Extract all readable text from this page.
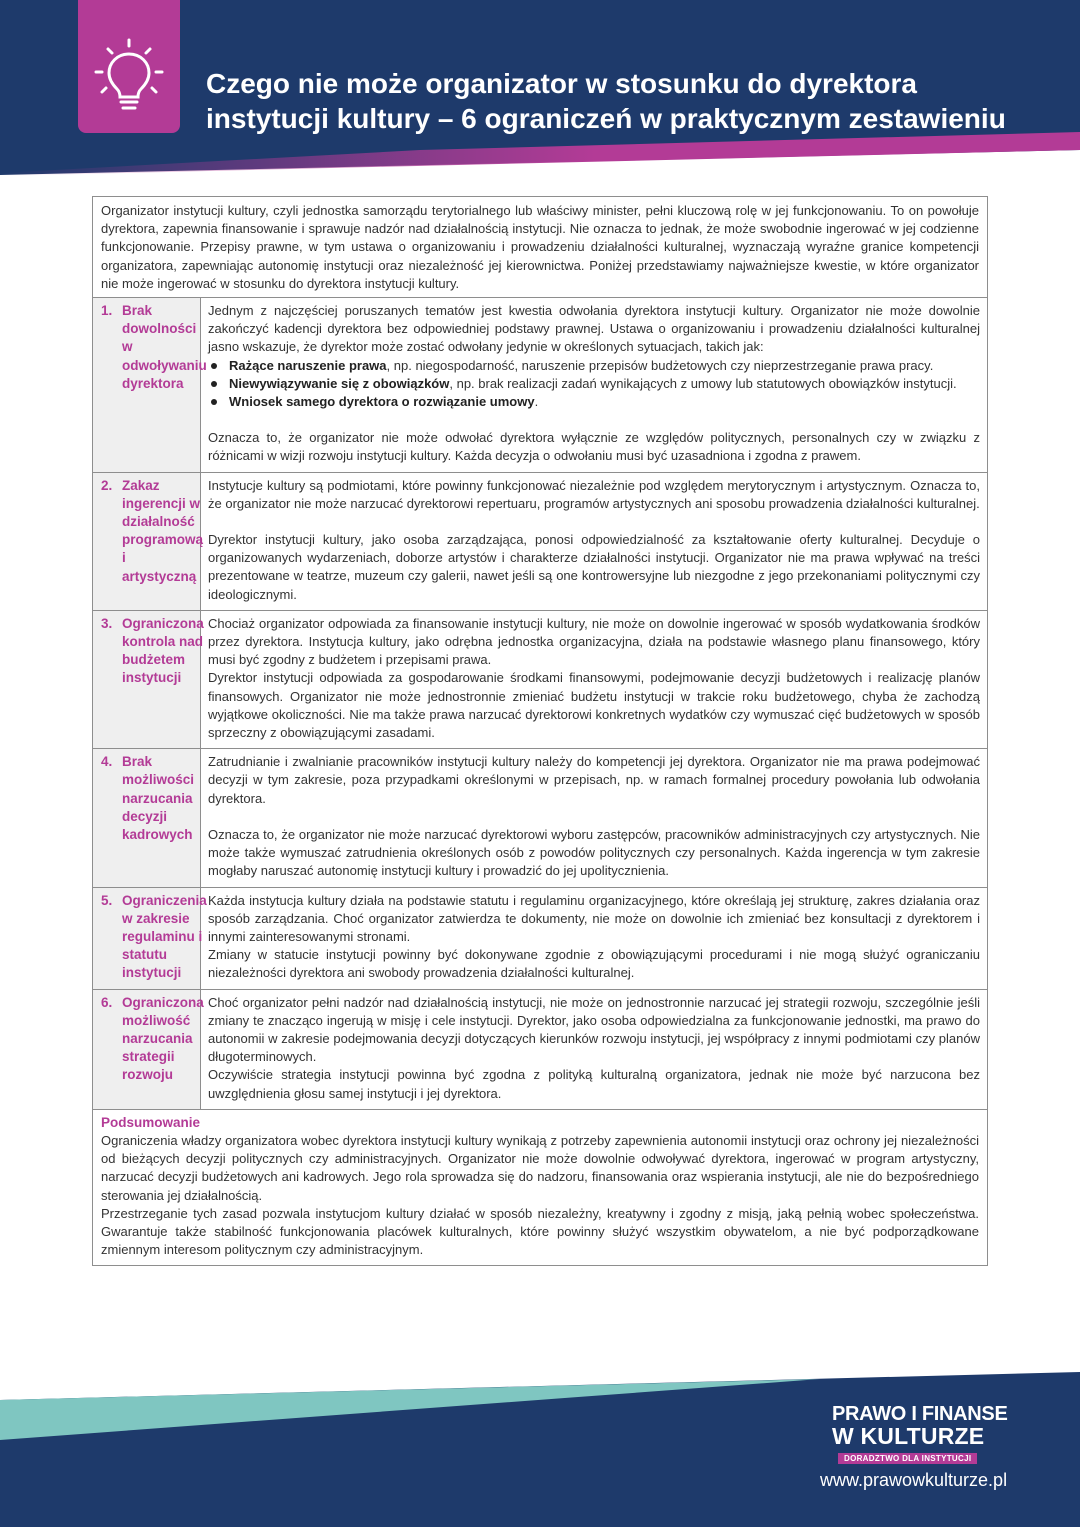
Czego nie może organizator w stosunku do dyrektora
instytucji kultury – 6 ograniczeń w praktycznym zestawieniu
Organizator instytucji kultury, czyli jednostka samorządu terytorialnego lub właściwy minister, pełni kluczową rolę w jej funkcjonowaniu. To on powołuje dyrektora, zapewnia finansowanie i sprawuje nadzór nad działalnością instytucji. Nie oznacza to jednak, że może swobodnie ingerować w jej codzienne funkcjonowanie. Przepisy prawne, w tym ustawa o organizowaniu i prowadzeniu działalności kulturalnej, wyznaczają wyraźne granice kompetencji organizatora, zapewniając autonomię instytucji oraz niezależność jej kierownictwa. Poniżej przedstawiamy najważniejsze kwestie, w które organizator nie może ingerować w stosunku do dyrektora instytucji kultury.
1. Brak dowolności w odwoływaniu dyrektora

Jednym z najczęściej poruszanych tematów jest kwestia odwołania dyrektora instytucji kultury. Organizator nie może dowolnie zakończyć kadencji dyrektora bez odpowiedniej podstawy prawnej. Ustawa o organizowaniu i prowadzeniu działalności kulturalnej jasno wskazuje, że dyrektor może zostać odwołany jedynie w określonych sytuacjach, takich jak:

Rażące naruszenie prawa, np. niegospodarność, naruszenie przepisów budżetowych czy nieprzestrzeganie prawa pracy.
Niewywiązywanie się z obowiązków, np. brak realizacji zadań wynikających z umowy lub statutowych obowiązków instytucji.
Wniosek samego dyrektora o rozwiązanie umowy.

Oznacza to, że organizator nie może odwołać dyrektora wyłącznie ze względów politycznych, personalnych czy w związku z różnicami w wizji rozwoju instytucji kultury. Każda decyzja o odwołaniu musi być uzasadniona i zgodna z prawem.

2. Zakaz ingerencji w działalność programową i artystyczną

Instytucje kultury są podmiotami, które powinny funkcjonować niezależnie pod względem merytorycznym i artystycznym. Oznacza to, że organizator nie może narzucać dyrektorowi repertuaru, programów artystycznych ani sposobu prowadzenia działalności kulturalnej.

Dyrektor instytucji kultury, jako osoba zarządzająca, ponosi odpowiedzialność za kształtowanie oferty kulturalnej. Decyduje o organizowanych wydarzeniach, doborze artystów i charakterze działalności instytucji. Organizator nie ma prawa wpływać na treści prezentowane w teatrze, muzeum czy galerii, nawet jeśli są one kontrowersyjne lub niezgodne z jego przekonaniami politycznymi czy ideologicznymi.

3. Ograniczona kontrola nad budżetem instytucji

Chociaż organizator odpowiada za finansowanie instytucji kultury, nie może on dowolnie ingerować w sposób wydatkowania środków przez dyrektora. Instytucja kultury, jako odrębna jednostka organizacyjna, działa na podstawie własnego planu finansowego, który musi być zgodny z budżetem i przepisami prawa.

Dyrektor instytucji odpowiada za gospodarowanie środkami finansowymi, podejmowanie decyzji budżetowych i realizację planów finansowych. Organizator nie może jednostronnie zmieniać budżetu instytucji w trakcie roku budżetowego, chyba że zachodzą wyjątkowe okoliczności. Nie ma także prawa narzucać dyrektorowi konkretnych wydatków czy wymuszać cięć budżetowych w sposób sprzeczny z obowiązującymi zasadami.

4. Brak możliwości narzucania decyzji kadrowych

Zatrudnianie i zwalnianie pracowników instytucji kultury należy do kompetencji jej dyrektora. Organizator nie ma prawa podejmować decyzji w tym zakresie, poza przypadkami określonymi w przepisach, np. w ramach formalnej procedury powołania lub odwołania dyrektora.

Oznacza to, że organizator nie może narzucać dyrektorowi wyboru zastępców, pracowników administracyjnych czy artystycznych. Nie może także wymuszać zatrudnienia określonych osób z powodów politycznych czy personalnych. Każda ingerencja w tym zakresie mogłaby naruszać autonomię instytucji kultury i prowadzić do jej upolitycznienia.

5. Ograniczenia w zakresie regulaminu i statutu instytucji

Każda instytucja kultury działa na podstawie statutu i regulaminu organizacyjnego, które określają jej strukturę, zakres działania oraz sposób zarządzania. Choć organizator zatwierdza te dokumenty, nie może on dowolnie ich zmieniać bez konsultacji z dyrektorem i innymi zainteresowanymi stronami.

Zmiany w statucie instytucji powinny być dokonywane zgodnie z obowiązującymi procedurami i nie mogą służyć ograniczaniu niezależności dyrektora ani swobody prowadzenia działalności kulturalnej.

6. Ograniczona możliwość narzucania strategii rozwoju

Choć organizator pełni nadzór nad działalnością instytucji, nie może on jednostronnie narzucać jej strategii rozwoju, szczególnie jeśli zmiany te znacząco ingerują w misję i cele instytucji. Dyrektor, jako osoba odpowiedzialna za funkcjonowanie jednostki, ma prawo do autonomii w zakresie podejmowania decyzji dotyczących kierunków rozwoju instytucji, jej współpracy z innymi podmiotami czy planów długoterminowych.

Oczywiście strategia instytucji powinna być zgodna z polityką kulturalną organizatora, jednak nie może być narzucona bez uwzględnienia głosu samej instytucji i jej dyrektora.

Podsumowanie

Ograniczenia władzy organizatora wobec dyrektora instytucji kultury wynikają z potrzeby zapewnienia autonomii instytucji oraz ochrony jej niezależności od bieżących decyzji politycznych czy administracyjnych. Organizator nie może dowolnie odwoływać dyrektora, ingerować w program artystyczny, narzucać decyzji budżetowych ani kadrowych. Jego rola sprowadza się do nadzoru, finansowania oraz wspierania instytucji, ale nie do bezpośredniego sterowania jej działalnością.

Przestrzeganie tych zasad pozwala instytucjom kultury działać w sposób niezależny, kreatywny i zgodny z misją, jaką pełnią wobec społeczeństwa. Gwarantuje także stabilność funkcjonowania placówek kulturalnych, które powinny służyć wszystkim obywatelom, a nie być podporządkowane zmiennym interesom politycznym czy administracyjnym.

PRAWO I FINANSE
W KULTURZE
DORADZTWO DLA INSTYTUCJI
www.prawowkulturze.pl
